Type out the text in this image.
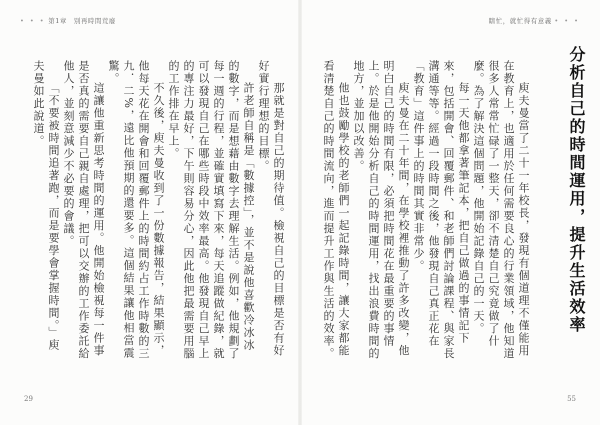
• • • 第1章　別再時間荒廢
那就是對自己的期待值。檢視自己的目標是否有好好實行理想的目標。
許老師自稱是「數據控」，並不是說他喜歡冷冰冰的數字，而是想藉由數字去理解生活。例如，他規劃了每一週的行程，並確實填寫下來，每天追蹤做紀錄，就可以發現自己在哪些時段中效率最高。他發現自己早上的專注力最好，下午則容易分心，因此他把最需要用腦的工作排在早上。
不久後，庾夫曼收到了一份數據報告，結果顯示，他每天花在開會和回覆郵件上的時間約占工作時數的三九．二%，遠比他預期的還要多。這個結果讓他相當震驚。
這讓他重新思考時間的運用。他開始檢視每一件事是否真的需要自己親自處理，把可以交辦的工作委託給他人，並刻意減少不必要的會議。
「不要被時間追著跑，而是要學會掌握時間。」庾夫曼如此說道。
29
瞎忙，就忙得有意義 • • •
分析自己的時間運用，提升生活效率
庾夫曼當了二十一年校長，發現有個道理不僅能用在教育上，也適用於任何需要良心的行業領域，他知道很多人常常忙碌了一整天，卻不清楚自己究竟做了什麼。為了解決這個問題，他開始記錄自己的一天。
每一天他都拿著筆記本，把自己做過的事情記下來，包括開會、回覆郵件、和老師們討論課程、與家長溝通等等。經過一段時間之後，他發現自己真正花在「教育」這件事上的時間其實非常少。
庾夫曼在二十年間，在學校裡推動了許多改變，他明白自己的時間有限，必須把時間花在最重要的事情上。於是他開始分析自己的時間運用，找出浪費時間的地方，並加以改善。
他也鼓勵學校的老師們一起記錄時間，讓大家都能看清楚自己的時間流向，進而提升工作與生活的效率。
55
